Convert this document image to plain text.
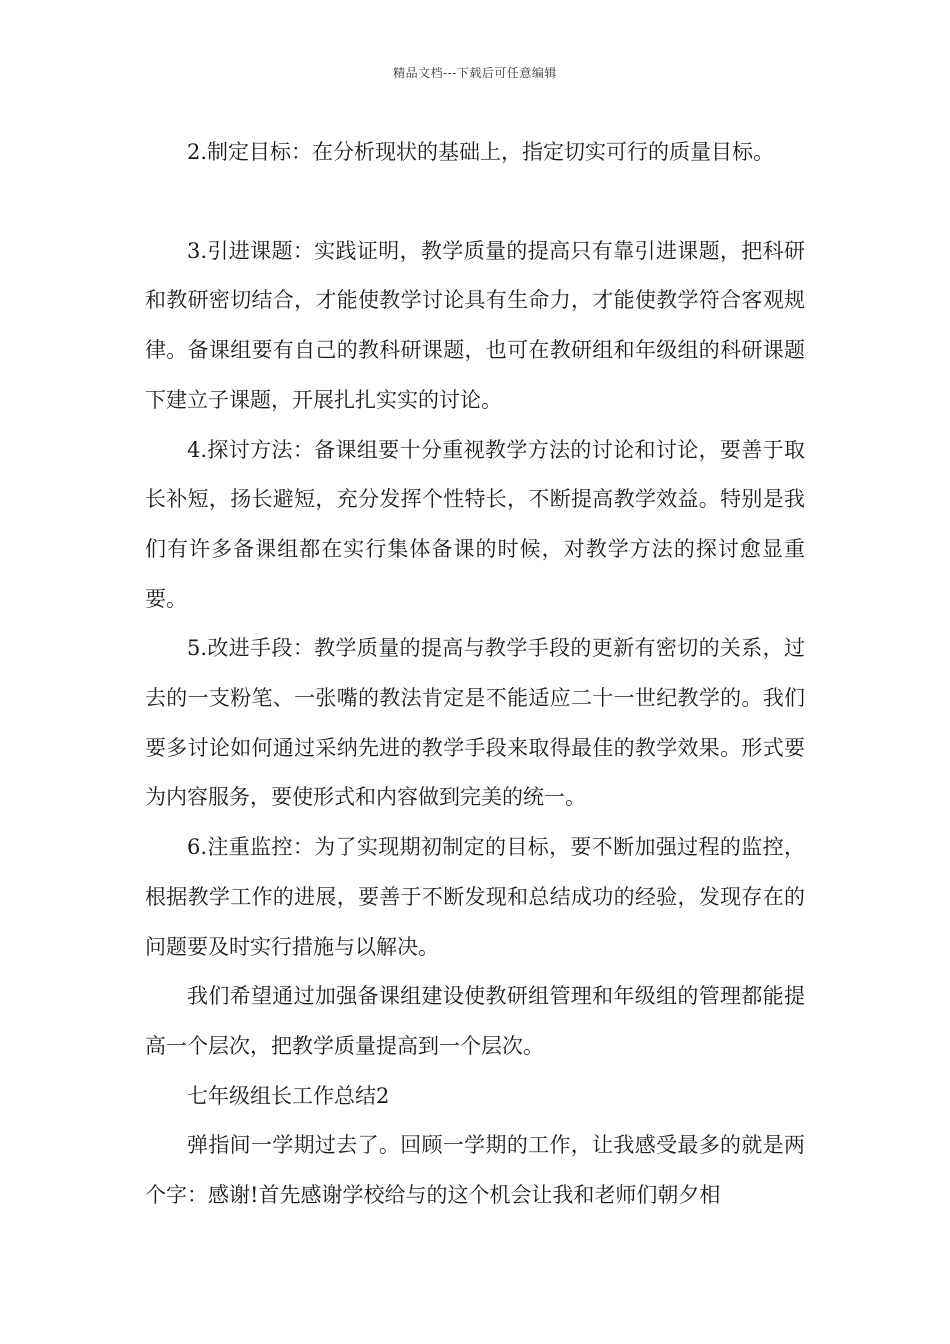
精品文档---下载后可任意编辑

2.制定目标：在分析现状的基础上，指定切实可行的质量目标。

3.引进课题：实践证明，教学质量的提高只有靠引进课题，把科研和教研密切结合，才能使教学讨论具有生命力，才能使教学符合客观规律。备课组要有自己的教科研课题，也可在教研组和年级组的科研课题下建立子课题，开展扎扎实实的讨论。

4.探讨方法：备课组要十分重视教学方法的讨论和讨论，要善于取长补短，扬长避短，充分发挥个性特长，不断提高教学效益。特别是我们有许多备课组都在实行集体备课的时候，对教学方法的探讨愈显重要。

5.改进手段：教学质量的提高与教学手段的更新有密切的关系，过去的一支粉笔、一张嘴的教法肯定是不能适应二十一世纪教学的。我们要多讨论如何通过采纳先进的教学手段来取得最佳的教学效果。形式要为内容服务，要使形式和内容做到完美的统一。

6.注重监控：为了实现期初制定的目标，要不断加强过程的监控，根据教学工作的进展，要善于不断发现和总结成功的经验，发现存在的问题要及时实行措施与以解决。

我们希望通过加强备课组建设使教研组管理和年级组的管理都能提高一个层次，把教学质量提高到一个层次。

七年级组长工作总结2

弹指间一学期过去了。回顾一学期的工作，让我感受最多的就是两个字：感谢!首先感谢学校给与的这个机会让我和老师们朝夕相
